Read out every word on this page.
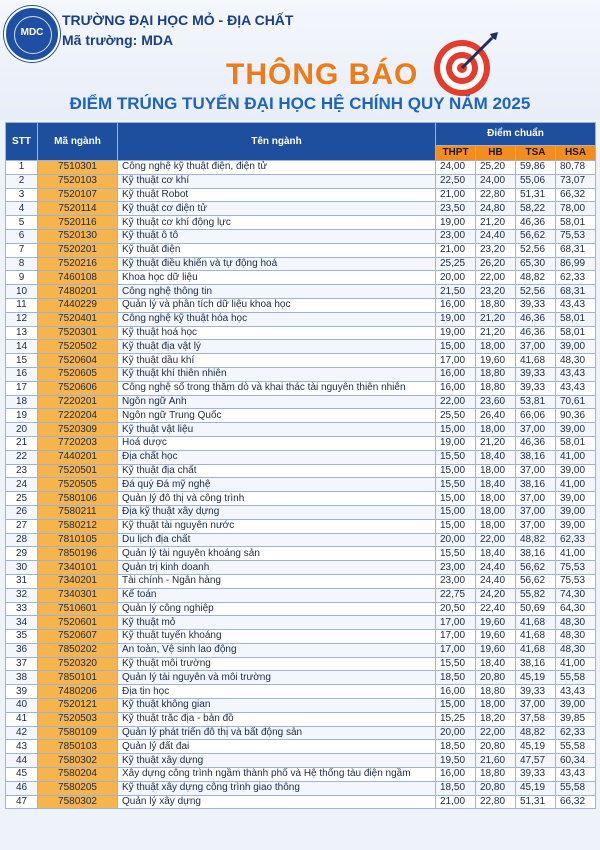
MDC
TRƯỜNG ĐẠI HỌC MỎ - ĐỊA CHẤT
Mã trường: MDA
THÔNG BÁO
ĐIỂM TRÚNG TUYỂN ĐẠI HỌC HỆ CHÍNH QUY NĂM 2025
STT	Mã ngành	Tên ngành	Điểm chuẩn			
			THPT	HB	TSA	HSA
1	7510301	Công nghệ kỹ thuật điện, điện tử	24,00	25,20	59,86	80,78
2	7520103	Kỹ thuật cơ khí	22,50	24,00	55,06	73,07
3	7520107	Kỹ thuật Robot	21,00	22,80	51,31	66,32
4	7520114	Kỹ thuật cơ điện tử	23,50	24,80	58,22	78,00
5	7520116	Kỹ thuật cơ khí động lực	19,00	21,20	46,36	58,01
6	7520130	Kỹ thuật ô tô	23,00	24,40	56,62	75,53
7	7520201	Kỹ thuật điện	21,00	23,20	52,56	68,31
8	7520216	Kỹ thuật điều khiển và tự động hoá	25,25	26,20	65,30	86,99
9	7460108	Khoa học dữ liệu	20,00	22,00	48,82	62,33
10	7480201	Công nghệ thông tin	21,50	23,20	52,56	68,31
11	7440229	Quản lý và phân tích dữ liệu khoa học	16,00	18,80	39,33	43,43
12	7520401	Công nghệ kỹ thuật hóa học	19,00	21,20	46,36	58,01
13	7520301	Kỹ thuật hoá học	19,00	21,20	46,36	58,01
14	7520502	Kỹ thuật địa vật lý	15,00	18,00	37,00	39,00
15	7520604	Kỹ thuật dầu khí	17,00	19,60	41,68	48,30
16	7520605	Kỹ thuật khí thiên nhiên	16,00	18,80	39,33	43,43
17	7520606	Công nghệ số trong thăm dò và khai thác tài nguyên thiên nhiên	16,00	18,80	39,33	43,43
18	7220201	Ngôn ngữ Anh	22,00	23,60	53,81	70,61
19	7220204	Ngôn ngữ Trung Quốc	25,50	26,40	66,06	90,36
20	7520309	Kỹ thuật vật liệu	15,00	18,00	37,00	39,00
21	7720203	Hoá dược	19,00	21,20	46,36	58,01
22	7440201	Địa chất học	15,50	18,40	38,16	41,00
23	7520501	Kỹ thuật địa chất	15,00	18,00	37,00	39,00
24	7520505	Đá quý Đá mỹ nghệ	15,50	18,40	38,16	41,00
25	7580106	Quản lý đô thị và công trình	15,00	18,00	37,00	39,00
26	7580211	Địa kỹ thuật xây dựng	15,00	18,00	37,00	39,00
27	7580212	Kỹ thuật tài nguyên nước	15,00	18,00	37,00	39,00
28	7810105	Du lịch địa chất	20,00	22,00	48,82	62,33
29	7850196	Quản lý tài nguyên khoáng sản	15,50	18,40	38,16	41,00
30	7340101	Quản trị kinh doanh	23,00	24,40	56,62	75,53
31	7340201	Tài chính - Ngân hàng	23,00	24,40	56,62	75,53
32	7340301	Kế toán	22,75	24,20	55,82	74,30
33	7510601	Quản lý công nghiệp	20,50	22,40	50,69	64,30
34	7520601	Kỹ thuật mỏ	17,00	19,60	41,68	48,30
35	7520607	Kỹ thuật tuyển khoáng	17,00	19,60	41,68	48,30
36	7850202	An toàn, Vệ sinh lao động	17,00	19,60	41,68	48,30
37	7520320	Kỹ thuật môi trường	15,50	18,40	38,16	41,00
38	7850101	Quản lý tài nguyên và môi trường	18,50	20,80	45,19	55,58
39	7480206	Địa tin học	16,00	18,80	39,33	43,43
40	7520121	Kỹ thuật không gian	15,00	18,00	37,00	39,00
41	7520503	Kỹ thuật trắc địa - bản đồ	15,25	18,20	37,58	39,85
42	7580109	Quản lý phát triển đô thị và bất động sản	20,00	22,00	48,82	62,33
43	7850103	Quản lý đất đai	18,50	20,80	45,19	55,58
44	7580302	Kỹ thuật xây dựng	19,50	21,60	47,57	60,34
45	7580204	Xây dựng công trình ngầm thành phố và Hệ thống tàu điện ngầm	16,00	18,80	39,33	43,43
46	7580205	Kỹ thuật xây dựng công trình giao thông	18,50	20,80	45,19	55,58
47	7580302	Quản lý xây dựng	21,00	22,80	51,31	66,32
